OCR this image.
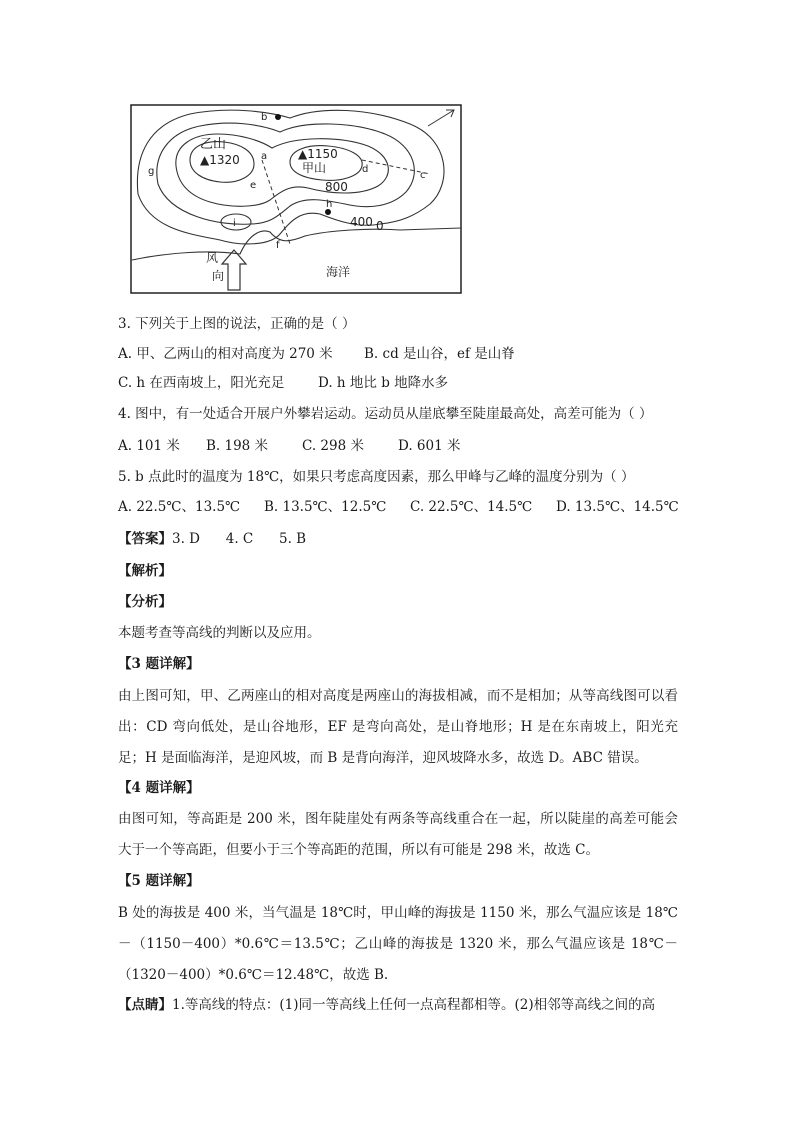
b
乙山
▲1320 a	▲1150
甲山	d
g	c
e	800
h
400
i
f
0
风
向	海洋
3. 下列关于上图的说法，正确的是（ ）
A. 甲、乙两山的相对高度为 270 米 B. cd 是山谷，ef 是山脊
C. h 在西南坡上，阳光充足 D. h 地比 b 地降水多
4. 图中，有一处适合开展户外攀岩运动。运动员从崖底攀至陡崖最高处，高差可能为（ ）
A. 101 米 B. 198 米	C. 298 米	D. 601 米
5. b 点此时的温度为 18℃，如果只考虑高度因素，那么甲峰与乙峰的温度分别为（ ）
A. 22.5℃、13.5℃ B. 13.5℃、12.5℃ C. 22.5℃、14.5℃ D. 13.5℃、14.5℃
【答案】3. D      4. C      5. B
【解析】
【分析】
本题考查等高线的判断以及应用。
【3 题详解】
由上图可知，甲、乙两座山的相对高度是两座山的海拔相减，而不是相加；从等高线图可以看出：CD 弯向低处，是山谷地形，EF 是弯向高处，是山脊地形；H 是在东南坡上，阳光充足；H 是面临海洋，是迎风坡，而 B 是背向海洋，迎风坡降水多，故选 D。ABC 错误。
【4 题详解】
由图可知，等高距是 200 米，图年陡崖处有两条等高线重合在一起，所以陡崖的高差可能会大于一个等高距，但要小于三个等高距的范围，所以有可能是 298 米，故选 C。
【5 题详解】
B 处的海拔是 400 米，当气温是 18℃时，甲山峰的海拔是 1150 米，那么气温应该是 18℃－（1150－400）*0.6℃＝13.5℃；乙山峰的海拔是 1320 米，那么气温应该是 18℃－（1320－400）*0.6℃＝12.48℃，故选 B.
【点睛】1.等高线的特点：(1)同一等高线上任何一点高程都相等。(2)相邻等高线之间的高
